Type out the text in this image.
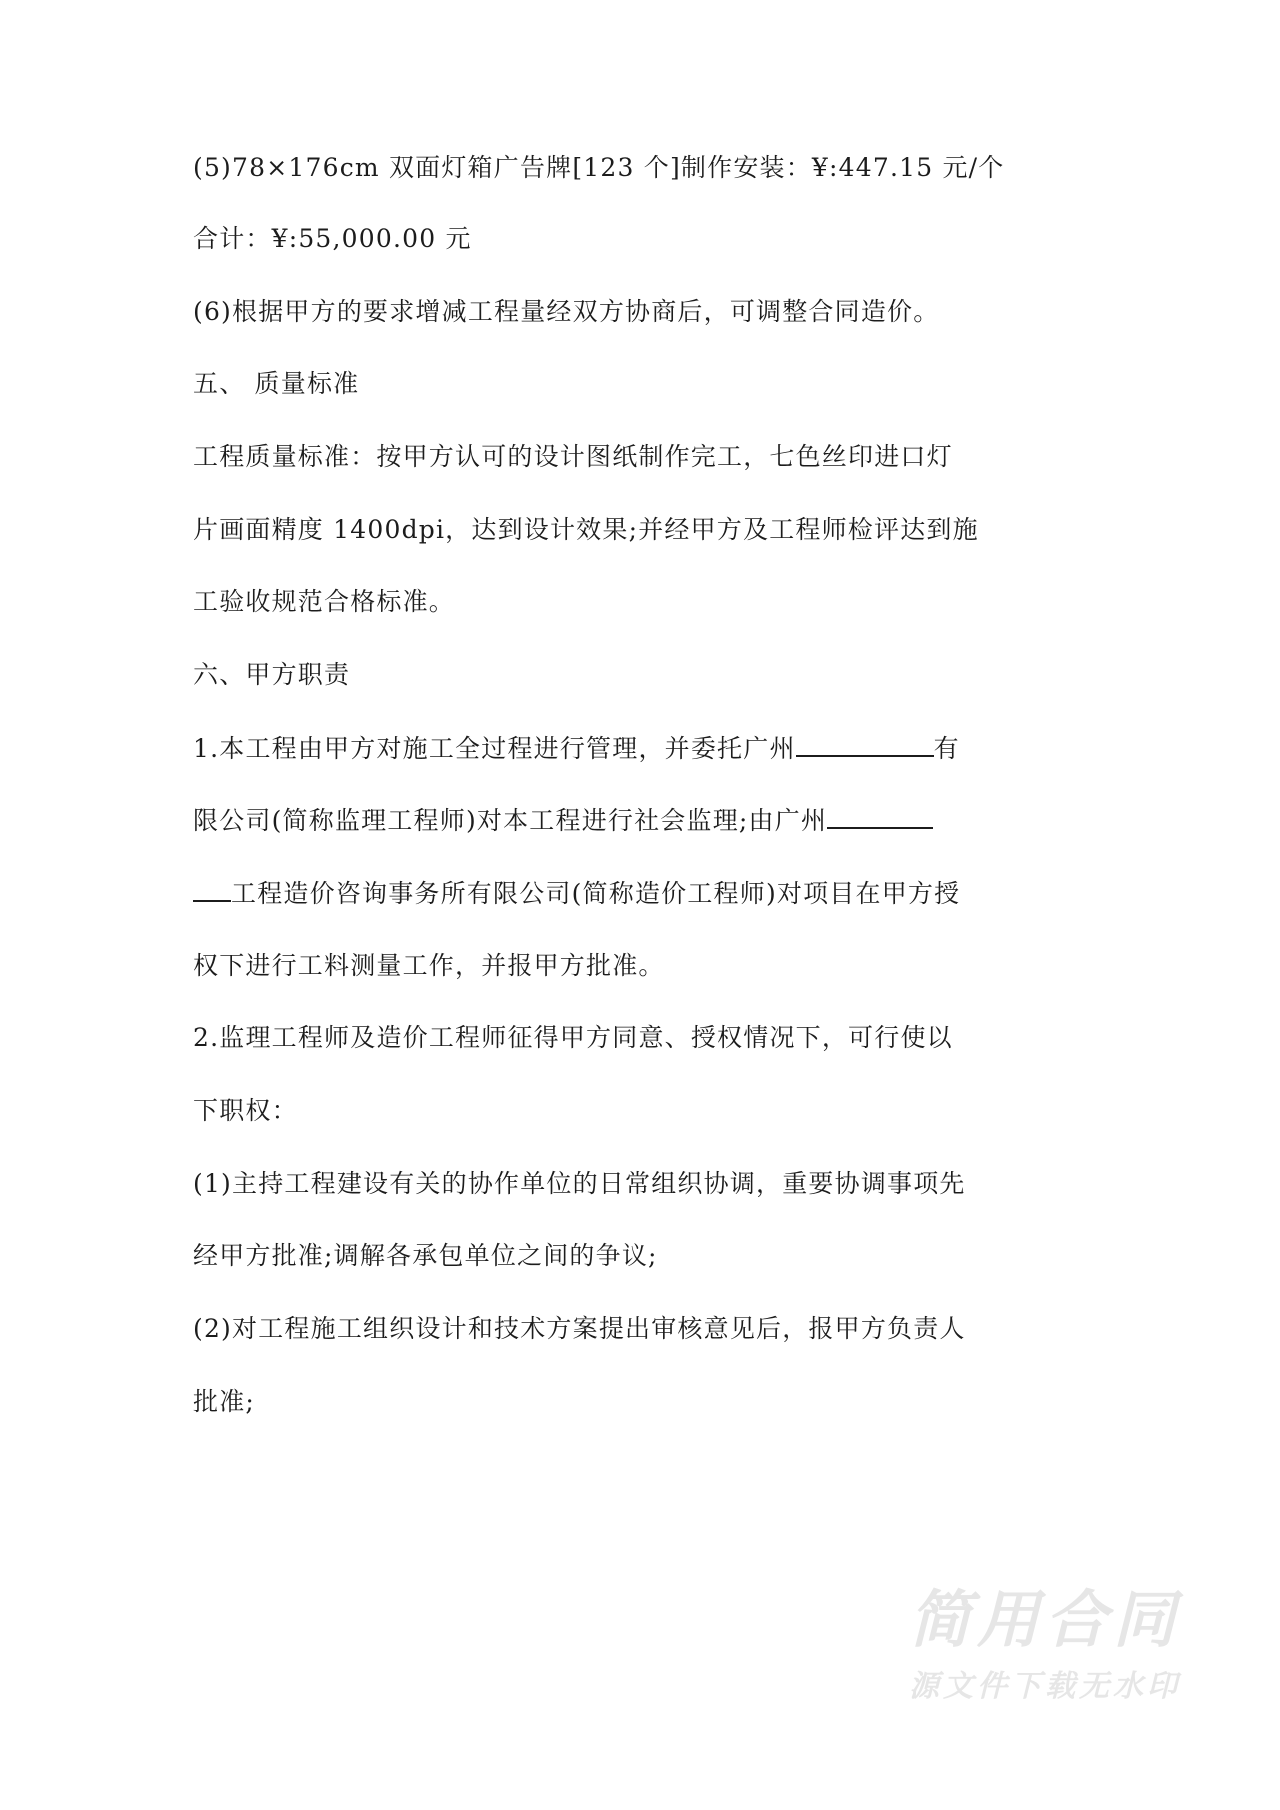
(5)78×176cm 双面灯箱广告牌[123 个]制作安装：¥:447.15 元/个
合计：¥:55,000.00 元
(6)根据甲方的要求增减工程量经双方协商后，可调整合同造价。
五、 质量标准
工程质量标准：按甲方认可的设计图纸制作完工，七色丝印进口灯
片画面精度 1400dpi，达到设计效果;并经甲方及工程师检评达到施
工验收规范合格标准。
六、甲方职责
1.本工程由甲方对施工全过程进行管理，并委托广州	有
限公司(简称监理工程师)对本工程进行社会监理;由广州
工程造价咨询事务所有限公司(简称造价工程师)对项目在甲方授
权下进行工料测量工作，并报甲方批准。
2.监理工程师及造价工程师征得甲方同意、授权情况下，可行使以
下职权：
(1)主持工程建设有关的协作单位的日常组织协调，重要协调事项先
经甲方批准;调解各承包单位之间的争议;
(2)对工程施工组织设计和技术方案提出审核意见后，报甲方负责人
批准;
简用合同
源文件下载无水印
